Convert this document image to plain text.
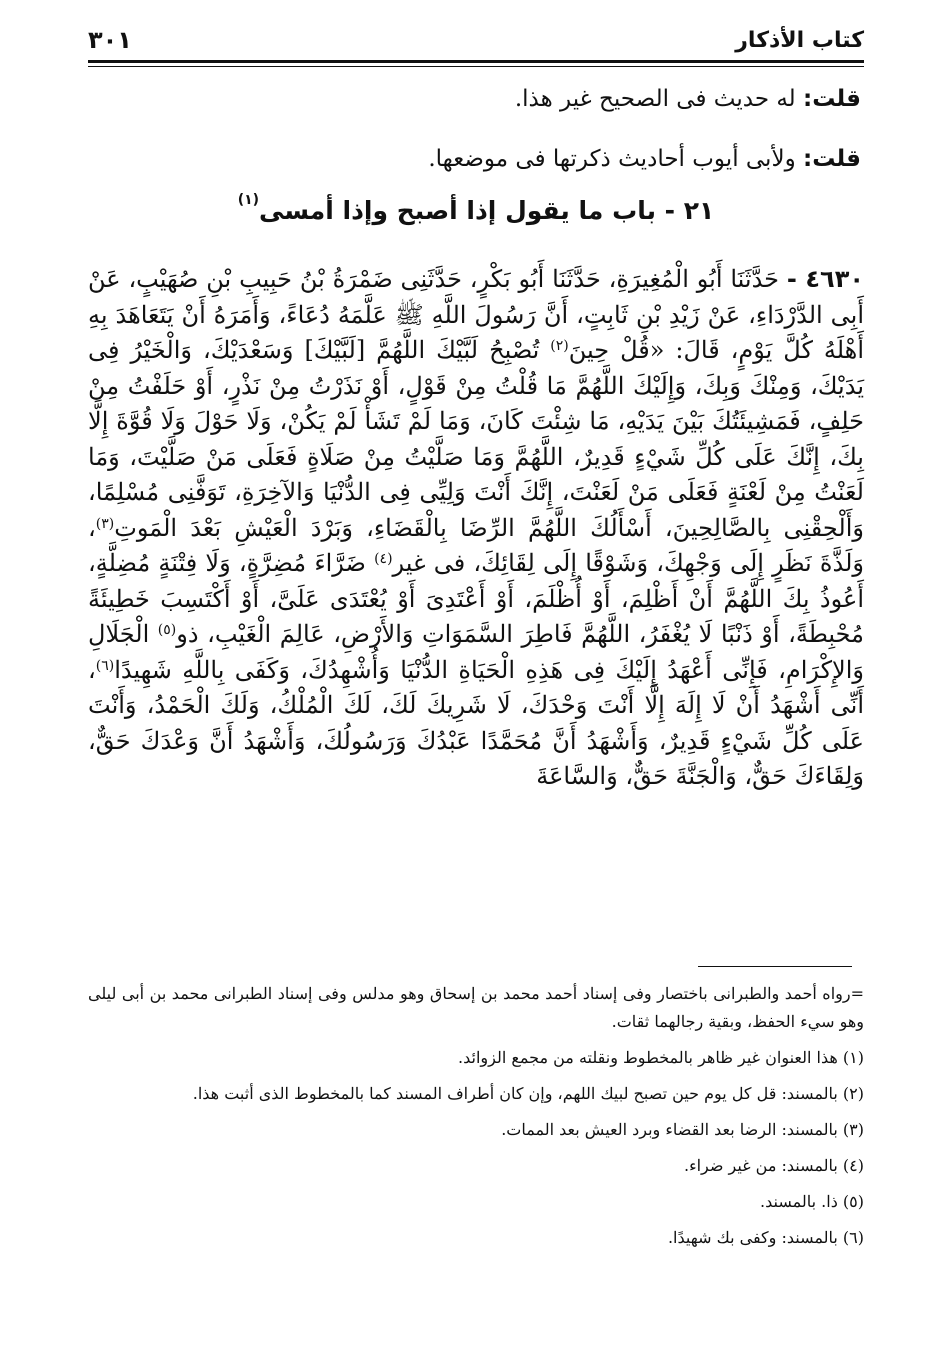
كتاب الأذكار
٣٠١
قلت: له حديث فى الصحيح غير هذا.
قلت: ولأبى أيوب أحاديث ذكرتها فى موضعها.
٢١ - باب ما يقول إذا أصبح وإذا أمسى$^{(١)}$
٤٦٣٠ - حَدَّثَنَا أَبُو الْمُغِيرَةِ، حَدَّثَنَا أَبُو بَكْرٍ، حَدَّثَنِى ضَمْرَةُ بْنُ حَبِيبِ بْنِ صُهَيْبٍ، عَنْ أَبِى الدَّرْدَاءِ، عَنْ زَيْدِ بْنِ ثَابِتٍ، أَنَّ رَسُولَ اللَّهِ ﷺ عَلَّمَهُ دُعَاءً، وَأَمَرَهُ أَنْ يَتَعَاهَدَ بِهِ أَهْلَهُ كُلَّ يَوْمٍ، قَالَ: «قُلْ حِينَ$^{(٢)}$ تُصْبِحُ لَبَّيْكَ اللَّهُمَّ [لَبَّيْكَ] وَسَعْدَيْكَ، وَالْخَيْرُ فِى يَدَيْكَ، وَمِنْكَ وَبِكَ، وَإِلَيْكَ اللَّهُمَّ مَا قُلْتُ مِنْ قَوْلٍ، أَوْ نَذَرْتُ مِنْ نَذْرٍ، أَوْ حَلَفْتُ مِنْ حَلِفٍ، فَمَشِيئَتُكَ بَيْنَ يَدَيْهِ، مَا شِئْتَ كَانَ، وَمَا لَمْ تَشَأْ لَمْ يَكُنْ، وَلَا حَوْلَ وَلَا قُوَّةَ إِلَّا بِكَ، إِنَّكَ عَلَى كُلِّ شَيْءٍ قَدِيرٌ، اللَّهُمَّ وَمَا صَلَّيْتُ مِنْ صَلَاةٍ فَعَلَى مَنْ صَلَّيْتَ، وَمَا لَعَنْتُ مِنْ لَعْنَةٍ فَعَلَى مَنْ لَعَنْتَ، إِنَّكَ أَنْتَ وَلِيِّى فِى الدُّنْيَا وَالآخِرَةِ، تَوَفَّنِى مُسْلِمًا، وَأَلْحِقْنِى بِالصَّالِحِينَ، أَسْأَلُكَ اللَّهُمَّ الرِّضَا بِالْقَضَاءِ، وَبَرْدَ الْعَيْشِ بَعْدَ الْمَوتِ$^{(٣)}$، وَلَذَّةَ نَظَرٍ إِلَى وَجْهِكَ، وَشَوْقًا إِلَى لِقَائِكَ، فى غير$^{(٤)}$ ضَرَّاءَ مُضِرَّةٍ، وَلَا فِتْنَةٍ مُضِلَّةٍ، أَعُوذُ بِكَ اللَّهُمَّ أَنْ أَظْلِمَ، أَوْ أُظْلَمَ، أَوْ أَعْتَدِىَ أَوْ يُعْتَدَى عَلَىَّ، أَوْ أَكْتَسِبَ خَطِيئَةً مُحْبِطَةً، أَوْ ذَنْبًا لَا يُغْفَرُ، اللَّهُمَّ فَاطِرَ السَّمَوَاتِ وَالأَرْضِ، عَالِمَ الْغَيْبِ، ذو$^{(٥)}$ الْجَلَالِ وَالإِكْرَامِ، فَإِنِّى أَعْهَدُ إِلَيْكَ فِى هَذِهِ الْحَيَاةِ الدُّنْيَا وَأُشْهِدُكَ، وَكَفَى بِاللَّهِ شَهِيدًا$^{(٦)}$، أَنِّى أَشْهَدُ أَنْ لَا إِلَهَ إِلَّا أَنْتَ وَحْدَكَ، لَا شَرِيكَ لَكَ، لَكَ الْمُلْكُ، وَلَكَ الْحَمْدُ، وَأَنْتَ عَلَى كُلِّ شَيْءٍ قَدِيرٌ، وَأَشْهَدُ أَنَّ مُحَمَّدًا عَبْدُكَ وَرَسُولُكَ، وَأَشْهَدُ أَنَّ وَعْدَكَ حَقٌّ، وَلِقَاءَكَ حَقٌّ، وَالْجَنَّةَ حَقٌّ، وَالسَّاعَةَ

=رواه أحمد والطبرانى باختصار وفى إسناد أحمد محمد بن إسحاق وهو مدلس وفى إسناد الطبرانى محمد بن أبى ليلى وهو سيء الحفظ، وبقية رجالهما ثقات.

(١) هذا العنوان غير ظاهر بالمخطوط ونقلته من مجمع الزوائد.

(٢) بالمسند: قل كل يوم حين تصبح لبيك اللهم، وإن كان أطراف المسند كما بالمخطوط الذى أثبت هذا.

(٣) بالمسند: الرضا بعد القضاء وبرد العيش بعد الممات.

(٤) بالمسند: من غير ضراء.

(٥) ذا. بالمسند.

(٦) بالمسند: وكفى بك شهيدًا.
